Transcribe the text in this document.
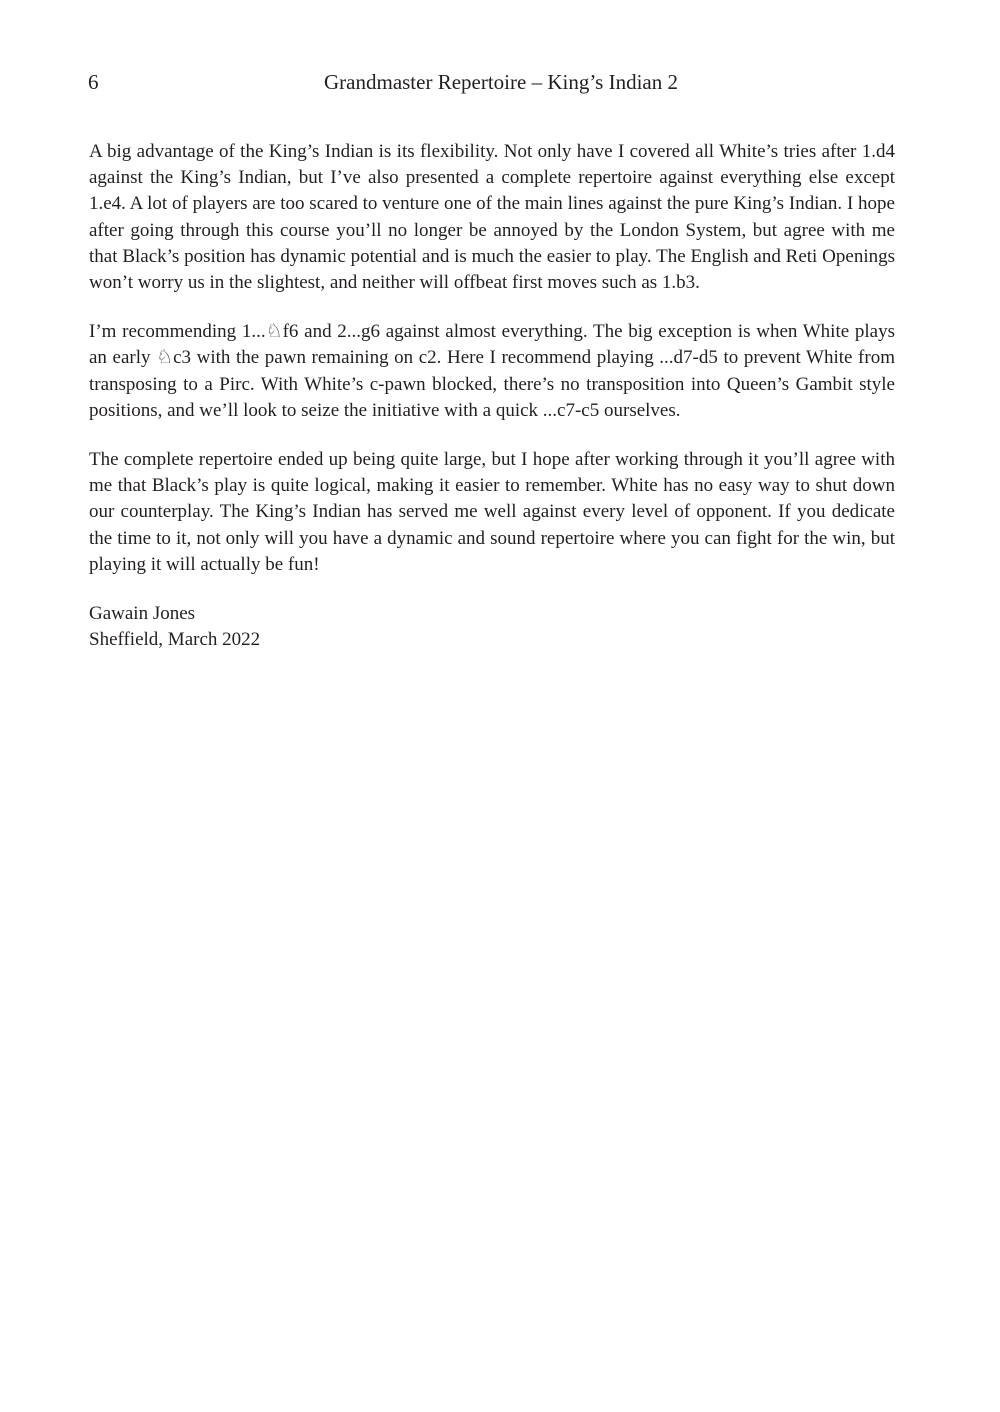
6	Grandmaster Repertoire – King’s Indian 2

A big advantage of the King’s Indian is its flexibility. Not only have I covered all White’s tries after 1.d4 against the King’s Indian, but I’ve also presented a complete repertoire against everything else except 1.e4. A lot of players are too scared to venture one of the main lines against the pure King’s Indian. I hope after going through this course you’ll no longer be annoyed by the London System, but agree with me that Black’s position has dynamic potential and is much the easier to play. The English and Reti Openings won’t worry us in the slightest, and neither will offbeat first moves such as 1.b3.

I’m recommending 1...♘f6 and 2...g6 against almost everything. The big exception is when White plays an early ♘c3 with the pawn remaining on c2. Here I recommend playing ...d7-d5 to prevent White from transposing to a Pirc. With White’s c-pawn blocked, there’s no transposition into Queen’s Gambit style positions, and we’ll look to seize the initiative with a quick ...c7-c5 ourselves.

The complete repertoire ended up being quite large, but I hope after working through it you’ll agree with me that Black’s play is quite logical, making it easier to remember. White has no easy way to shut down our counterplay. The King’s Indian has served me well against every level of opponent. If you dedicate the time to it, not only will you have a dynamic and sound repertoire where you can fight for the win, but playing it will actually be fun!

Gawain Jones
Sheffield, March 2022
